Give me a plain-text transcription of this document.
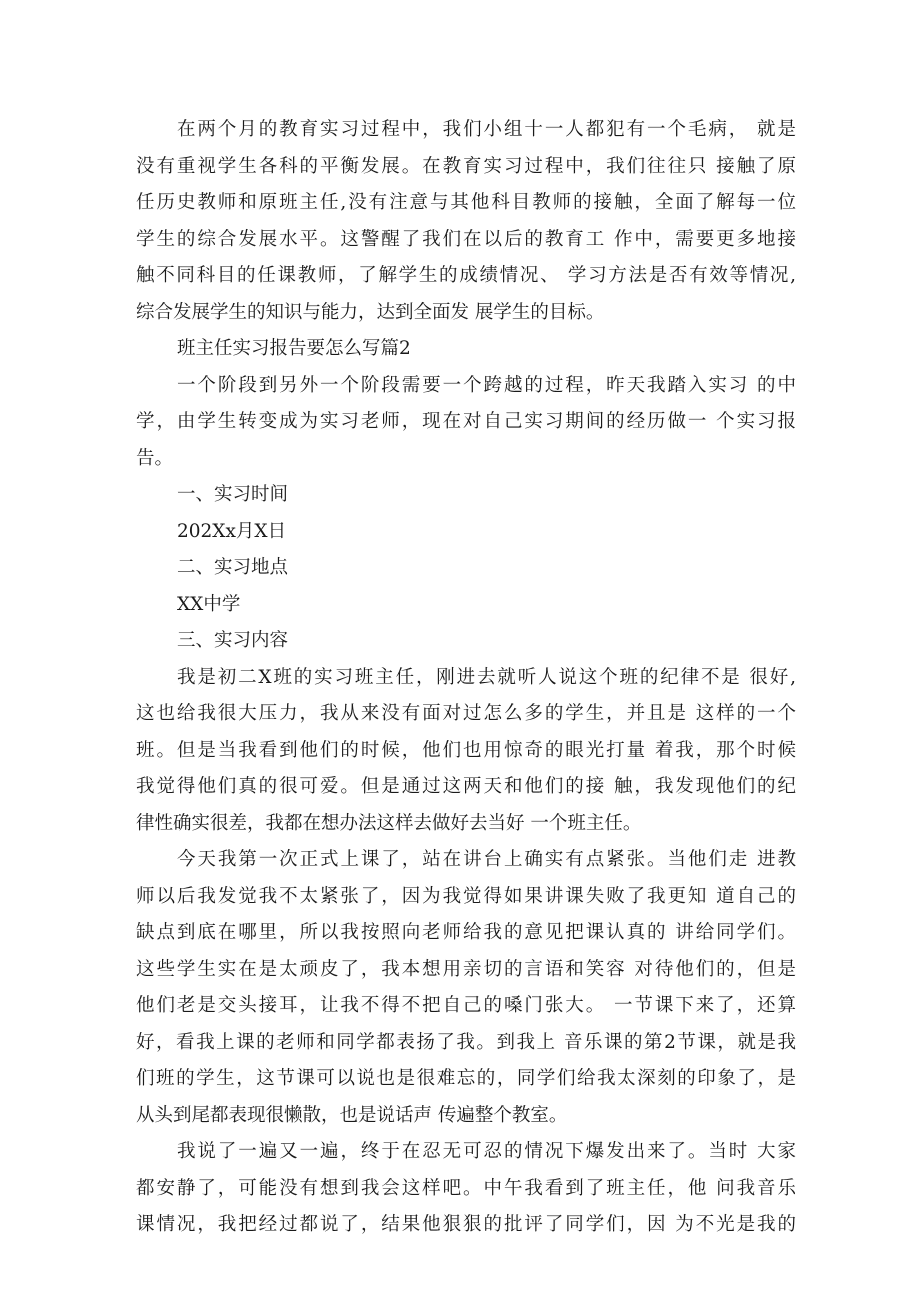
在两个月的教育实习过程中，我们小组十一人都犯有一个毛病， 就是
没有重视学生各科的平衡发展。在教育实习过程中，我们往往只 接触了原
任历史教师和原班主任,没有注意与其他科目教师的接触，全面了解每一位
学生的综合发展水平。这警醒了我们在以后的教育工 作中，需要更多地接
触不同科目的任课教师，了解学生的成绩情况、 学习方法是否有效等情况,
综合发展学生的知识与能力，达到全面发 展学生的目标。
班主任实习报告要怎么写篇2
一个阶段到另外一个阶段需要一个跨越的过程，昨天我踏入实习 的中
学，由学生转变成为实习老师，现在对自己实习期间的经历做一 个实习报
告。
一、实习时间
202Xx月X日
二、实习地点
XX中学
三、实习内容
我是初二X班的实习班主任，刚进去就听人说这个班的纪律不是 很好,
这也给我很大压力，我从来没有面对过怎么多的学生，并且是 这样的一个
班。但是当我看到他们的时候，他们也用惊奇的眼光打量 着我，那个时候
我觉得他们真的很可爱。但是通过这两天和他们的接 触，我发现他们的纪
律性确实很差，我都在想办法这样去做好去当好 一个班主任。
今天我第一次正式上课了，站在讲台上确实有点紧张。当他们走 进教
师以后我发觉我不太紧张了，因为我觉得如果讲课失败了我更知 道自己的
缺点到底在哪里，所以我按照向老师给我的意见把课认真的 讲给同学们。
这些学生实在是太顽皮了，我本想用亲切的言语和笑容 对待他们的，但是
他们老是交头接耳，让我不得不把自己的嗓门张大。 一节课下来了，还算
好，看我上课的老师和同学都表扬了我。到我上 音乐课的第2节课，就是我
们班的学生，这节课可以说也是很难忘的，同学们给我太深刻的印象了，是
从头到尾都表现很懒散，也是说话声 传遍整个教室。
我说了一遍又一遍，终于在忍无可忍的情况下爆发出来了。当时 大家
都安静了，可能没有想到我会这样吧。中午我看到了班主任，他 问我音乐
课情况，我把经过都说了，结果他狠狠的批评了同学们，因 为不光是我的
